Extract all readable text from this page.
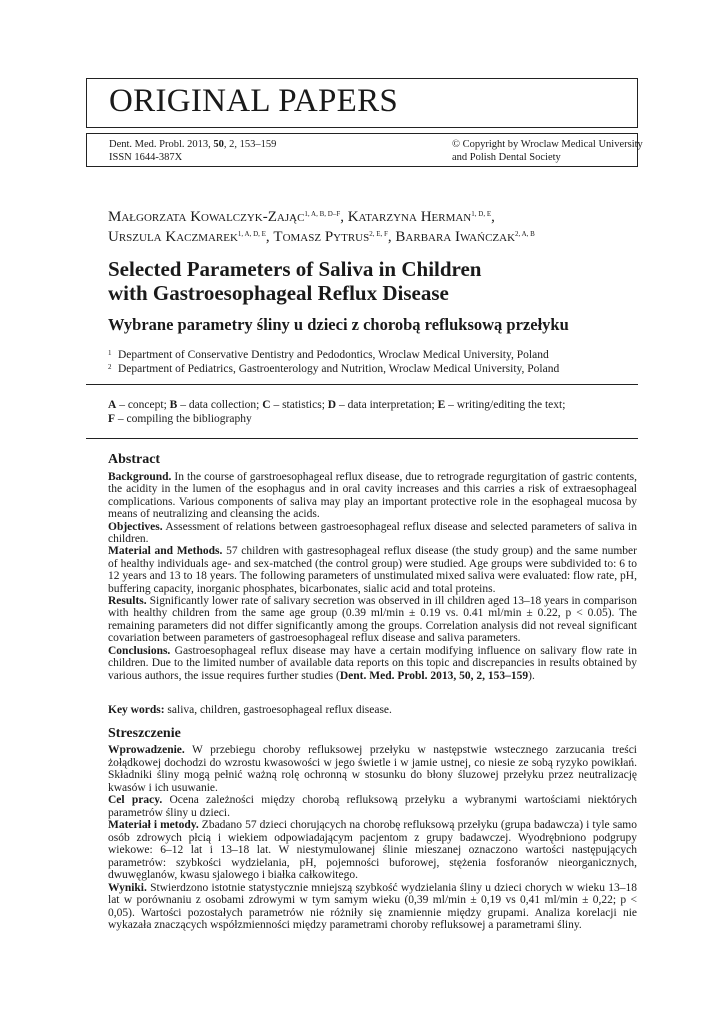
ORIGINAL PAPERS
Dent. Med. Probl. 2013, 50, 2, 153–159
ISSN 1644-387X
© Copyright by Wroclaw Medical University
and Polish Dental Society
Małgorzata Kowalczyk-Zając$^{1, A, B, D-F}$, Katarzyna Herman$^{1, D, E}$,
Urszula Kaczmarek$^{1, A, D, E}$, Tomasz Pytrus$^{2, E, F}$, Barbara Iwańczak$^{2, A, B}$
Selected Parameters of Saliva in Children
with Gastroesophageal Reflux Disease
Wybrane parametry śliny u dzieci z chorobą refluksową przełyku
1 Department of Conservative Dentistry and Pedodontics, Wroclaw Medical University, Poland
2 Department of Pediatrics, Gastroenterology and Nutrition, Wroclaw Medical University, Poland
A – concept; B – data collection; C – statistics; D – data interpretation; E – writing/editing the text;
F – compiling the bibliography
Abstract

Background. In the course of garstroesophageal reflux disease, due to retrograde regurgitation of gastric contents, the acidity in the lumen of the esophagus and in oral cavity increases and this carries a risk of extraesophageal complications. Various components of saliva may play an important protective role in the esophageal mucosa by means of neutralizing and cleansing the acids.

Objectives. Assessment of relations between gastroesophageal reflux disease and selected parameters of saliva in children.

Material and Methods. 57 children with gastresophageal reflux disease (the study group) and the same number of healthy individuals age- and sex-matched (the control group) were studied. Age groups were subdivided to: 6 to 12 years and 13 to 18 years. The following parameters of unstimulated mixed saliva were evaluated: flow rate, pH, buffering capacity, inorganic phosphates, bicarbonates, sialic acid and total proteins.

Results. Significantly lower rate of salivary secretion was observed in ill children aged 13–18 years in comparison with healthy children from the same age group (0.39 ml/min ± 0.19 vs. 0.41 ml/min ± 0.22, p < 0.05). The remaining parameters did not differ significantly among the groups. Correlation analysis did not reveal significant covariation between parameters of gastroesophageal reflux disease and saliva parameters.

Conclusions. Gastroesophageal reflux disease may have a certain modifying influence on salivary flow rate in children. Due to the limited number of available data reports on this topic and discrepancies in results obtained by various authors, the issue requires further studies (Dent. Med. Probl. 2013, 50, 2, 153–159).

Key words: saliva, children, gastroesophageal reflux disease.
Streszczenie

Wprowadzenie. W przebiegu choroby refluksowej przełyku w następstwie wstecznego zarzucania treści żołądkowej dochodzi do wzrostu kwasowości w jego świetle i w jamie ustnej, co niesie ze sobą ryzyko powikłań. Składniki śliny mogą pełnić ważną rolę ochronną w stosunku do błony śluzowej przełyku przez neutralizację kwasów i ich usuwanie.

Cel pracy. Ocena zależności między chorobą refluksową przełyku a wybranymi wartościami niektórych parametrów śliny u dzieci.

Materiał i metody. Zbadano 57 dzieci chorujących na chorobę refluksową przełyku (grupa badawcza) i tyle samo osób zdrowych płcią i wiekiem odpowiadającym pacjentom z grupy badawczej. Wyodrębniono podgrupy wiekowe: 6–12 lat i 13–18 lat. W niestymulowanej ślinie mieszanej oznaczono wartości następujących parametrów: szybkości wydzielania, pH, pojemności buforowej, stężenia fosforanów nieorganicznych, dwuwęglanów, kwasu sjalowego i białka całkowitego.

Wyniki. Stwierdzono istotnie statystycznie mniejszą szybkość wydzielania śliny u dzieci chorych w wieku 13–18 lat w porównaniu z osobami zdrowymi w tym samym wieku (0,39 ml/min ± 0,19 vs 0,41 ml/min ± 0,22; p < 0,05). Wartości pozostałych parametrów nie różniły się znamiennie między grupami. Analiza korelacji nie wykazała znaczących współzmienności między parametrami choroby refluksowej a parametrami śliny.
